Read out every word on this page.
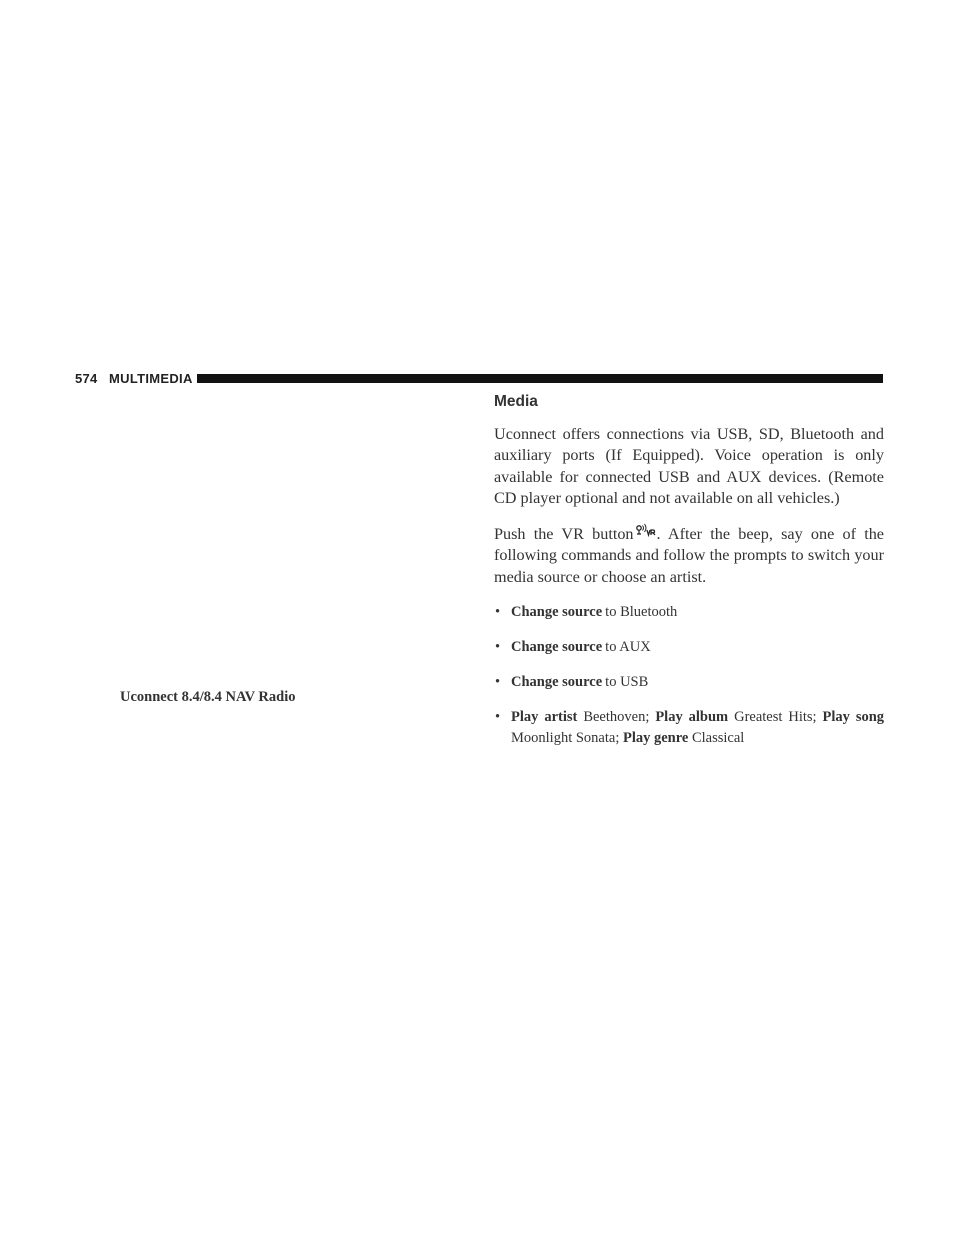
574 MULTIMEDIA
Uconnect 8.4/8.4 NAV Radio
Media

Uconnect offers connections via USB, SD, Bluetooth and auxiliary ports (If Equipped). Voice operation is only available for connected USB and AUX devices. (Remote CD player optional and not available on all vehicles.)

Push the VR button . After the beep, say one of the following commands and follow the prompts to switch your media source or choose an artist.

• Change source to Bluetooth
• Change source to AUX
• Change source to USB
• Play artist Beethoven; Play album Greatest Hits; Play song Moonlight Sonata; Play genre Classical
